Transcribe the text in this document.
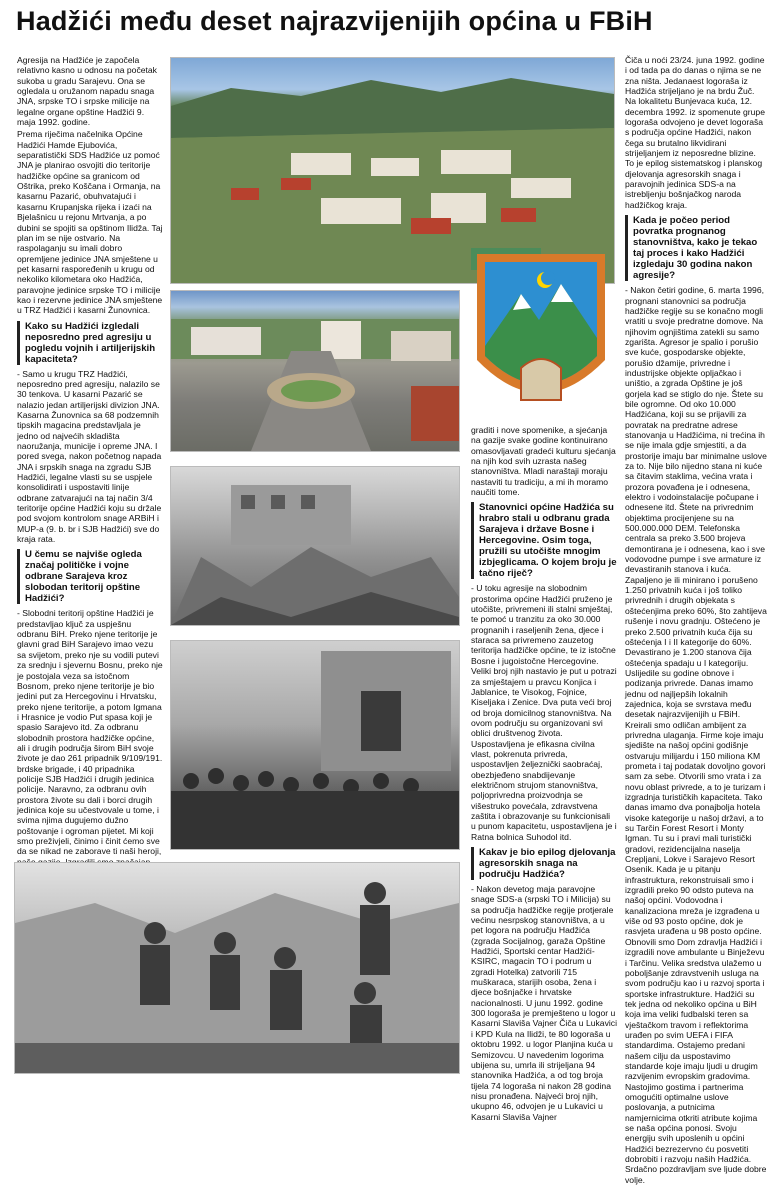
Hadžići među deset najrazvijenijih općina u FBiH

Agresija na Hadžiće je započela relativno kasno u odnosu na početak sukoba u gradu Sarajevu. Ona se ogledala u oružanom napadu snaga JNA, srpske TO i srpske milicije na legalne organe opštine Hadžići 9. maja 1992. godine.

Prema riječima načelnika Općine Hadžići Hamde Ejubovića, separatistički SDS Hadžiće uz pomoć JNA je planirao osvojiti dio teritorije hadžičke općine sa granicom od Oštrika, preko Koščana i Ormanja, na kasarnu Pazarić, obuhvatajući i kasarnu Krupanjska rijeka i izaći na Bjelašnicu u rejonu Mrtvanja, a po dubini se spojiti sa opštinom Ilidža. Taj plan im se nije ostvario. Na raspolaganju su imali dobro opremljene jedinice JNA smještene u pet kasarni raspoređenih u krugu od nekoliko kilometara oko Hadžića, paravojne jedinice srpske TO i milicije kao i rezervne jedinice JNA smještene u TRZ Hadžići i kasarni Žunovnica.

Kako su Hadžići izgledali neposredno pred agresiju u pogledu vojnih i artiljerijskih kapaciteta?

- Samo u krugu TRZ Hadžići, neposredno pred agresiju, nalazilo se 30 tenkova. U kasarni Pazarić se nalazio jedan artiljerijski divizion JNA. Kasarna Žunovnica sa 68 podzemnih tipskih magacina predstavljala je jedno od najvećih skladišta naoružanja, municije i opreme JNA. I pored svega, nakon početnog napada JNA i srpskih snaga na zgradu SJB Hadžići, legalne vlasti su se uspjele konsolidirati i uspostaviti linije odbrane zatvarajući na taj način 3/4 teritorije općine Hadžići koju su držale pod svojom kontrolom snage ARBiH i MUP-a (9. b. br i SJB Hadžići) sve do kraja rata.

U čemu se najviše ogleda značaj političke i vojne odbrane Sarajeva kroz slobodan teritorij opštine Hadžići?

- Slobodni teritorij opštine Hadžići je predstavljao ključ za uspješnu odbranu BiH. Preko njene teritorije je glavni grad BiH Sarajevo imao vezu sa svijetom, preko nje su vodili putevi za srednju i sjevernu Bosnu, preko nje je postojala veza sa istočnom Bosnom, preko njene teritorije je bio jedini put za Hercegovinu i Hrvatsku, preko njene teritorije, a potom Igmana i Hrasnice je vodio Put spasa koji je spasio Sarajevo itd. Za odbranu slobodnih prostora hadžičke općine, ali i drugih područja širom BiH svoje živote je dao 261 pripadnik 9/109/191. brdske brigade, i 40 pripadnika policije SJB Hadžići i drugih jedinica policije. Naravno, za odbranu ovih prostora živote su dali i borci drugih jedinica koje su učestvovale u tome, i svima njima dugujemo dužno poštovanje i ogroman pijetet. Mi koji smo preživjeli, činimo i činit ćemo sve da se nikad ne zaborave ti naši heroji,

graditi i nove spomenike, a sjećanja na gazije svake godine kontinuirano omasovljavati gradeći kulturu sjećanja na njih kod svih uzrasta našeg stanovništva. Mladi naraštaji moraju nastaviti tu tradiciju, a mi ih moramo naučiti tome.

Stanovnici općine Hadžića su hrabro stali u odbranu grada Sarajeva i države Bosne i Hercegovine. Osim toga, pružili su utočište mnogim izbjeglicama. O kojem broju je tačno riječ?

- U toku agresije na slobodnim prostorima općine Hadžići pruženo je utočište, privremeni ili stalni smještaj, te pomoć u tranzitu za oko 30.000 prognanih i raseljenih žena, djece i staraca sa privremeno zauzetog teritorija hadžičke općine, te iz istočne Bosne i jugoistočne Hercegovine. Veliki broj njih nastavio je put u potrazi za smještajem u pravcu Konjica i Jablanice, te Visokog, Fojnice, Kiseljaka i Zenice. Dva puta veći broj od broja domicilnog stanovništva. Na ovom području su organizovani svi oblici društvenog života. Uspostavljena je efikasna civilna vlast, pokrenuta privreda, uspostavljen željeznički saobraćaj, obezbjeđeno snabdijevanje električnom strujom stanovništva, poljoprivredna proizvodnja se višestruko povećala, zdravstvena zaštita i obrazovanje su funkcionisali u punom kapacitetu, uspostavljena je i Ratna bolnica Suhodol itd.

Kakav je bio epilog djelovanja agresorskih snaga na području Hadžića?

- Nakon devetog maja paravojne snage SDS-a (srpski TO i Milicija) su sa područja hadžičke regije protjerale većinu nesrpskog stanovništva, a u pet logora na području Hadžića (zgrada Socijalnog, garaža Opštine Hadžići, Sportski centar Hadžići-KSIRC, magacin TO i podrum u zgradi Hotelka) zatvorili 715 muškaraca, starijih osoba, žena i djece bošnjačke i hrvatske nacionalnosti. U junu 1992. godine 300 logoraša je premješteno u logor u Kasarni Slaviša Vajner Čiča u Lukavici i KPD Kula na Ilidži, te 80 logoraša u oktobru 1992. u logor Planjina kuća u Semizovcu. U navedenim logorima ubijena su, umrla ili strijeljana 94 stanovnika Hadžića, a od tog broja tijela 74 logoraša ni nakon 28 godina nisu pronađena. Najveći broj njih, ukupno 46, odvojen je u Lukavici u Kasarni Slaviša Vajner

Čiča u noći 23/24. juna 1992. godine i od tada pa do danas o njima se ne zna ništa. Jedanaest logoraša iz Hadžića strijeljano je na brdu Žuč. Na lokalitetu Bunjevaca kuća, 12. decembra 1992. iz spomenute grupe logoraša odvojeno je devet logoraša s područja općine Hadžići, nakon čega su brutalno likvidirani strijeljanjem iz neposredne blizine. To je epilog sistematskog i planskog djelovanja agresorskih snaga i paravojnih jedinica SDS-a na istrebljenju bošnjačkog naroda hadžičkog kraja.

Kada je počeo period povratka prognanog stanovništva, kako je tekao taj proces i kako Hadžići izgledaju 30 godina nakon agresije?

- Nakon četiri godine, 6. marta 1996, prognani stanovnici sa područja hadžičke regije su se konačno mogli vratiti u svoje predratne domove. Na njihovim ognjištima zatekli su samo zgarišta. Agresor je spalio i porušio sve kuće, gospodarske objekte, porušio džamije, privredne i industrijske objekte opljačkao i uništio, a zgrada Opštine je još gorjela kad se stiglo do nje. Štete su bile ogromne. Od oko 10.000 Hadžićana, koji su se prijavili za povratak na predratne adrese stanovanja u Hadžićima, ni trećina ih se nije imala gdje smjestiti, a da prostorije imaju bar minimalne uslove za to. Nije bilo nijedno stana ni kuće sa čitavim staklima, većina vrata i prozora povađena je i odnesena, elektro i vodoinstalacije počupane i odnesene itd. Štete na privrednim objektima procijenjene su na 500.000.000 DEM. Telefonska centrala sa preko 3.500 brojeva demontirana je i odnesena, kao i sve vodovodne pumpe i sve armature iz devastiranih stanova i kuća. Zapaljeno je ili minirano i porušeno 1.250 privatnih kuća i još toliko privrednih i drugih objekata s oštećenjima preko 60%, što zahtijeva rušenje i novu gradnju. Oštećeno je preko 2.500 privatnih kuća čija su oštećenja I i II kategorije do 60%. Devastirano je 1.200 stanova čija oštećenja spadaju u I kategoriju. Uslijedile su godine obnove i podizanja privrede. Danas imamo jednu od najljepših lokalnih zajednica, koja se svrstava među desetak najrazvijenijih u FBiH. Kreirali smo odličan ambijent za privredna ulaganja. Firme koje imaju sjedište na našoj općini godišnje ostvaruju milijardu i 150 miliona KM prometa i taj podatak dovoljno govori sam za sebe. Otvorili smo vrata i za novu oblast privrede, a to je turizam i izgradnja turističkih kapaciteta. Tako danas imamo dva ponajbolja hotela visoke kategorije u našoj državi, a to su Tarčin Forest Resort i Monty Igman. Tu su i pravi mali turistički gradovi, rezidencijalna naselja Crepljani, Lokve i Sarajevo Resort Osenik. Kada je u pitanju infrastruktura, rekonstruisali smo i izgradili preko 90 odsto puteva na našoj općini. Vodovodna i kanalizaciona mreža je izgrađena u više od 93 posto općine, dok je rasvjeta urađena u 98 posto općine. Obnovili smo Dom zdravlja Hadžići i izgradili nove ambulante u Binježevu i Tarčinu. Velika sredstva ulažemo u poboljšanje zdravstvenih usluga na svom području kao i u razvoj sporta i sportske infrastrukture. Hadžići su tek jedna od nekoliko općina u BiH koja ima veliki fudbalski teren sa vještačkom travom i reflektorima urađen po svim UEFA i FIFA standardima. Ostajemo predani našem cilju da uspostavimo standarde koje imaju ljudi u drugim razvijenim evropskim gradovima. Nastojimo gostima i partnerima omogućiti optimalne uslove poslovanja, a putnicima namjernicima otkriti atribute kojima se naša općina ponosi. Svoju energiju svih uposlenih u općini Hadžići bezrezervno ću posvetiti dobrobiti i razvoju naših Hadžića. Srdačno pozdravljam sve ljude dobre volje.
